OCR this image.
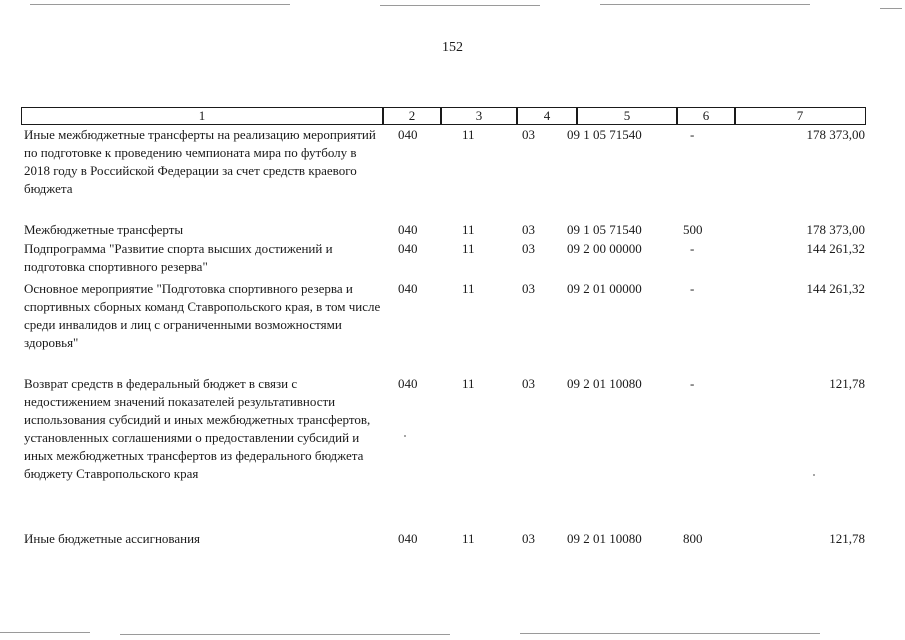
152
1	2	3	4	5	6	7
Иные межбюджетные трансферты на реализацию мероприятий по подготовке к проведению чемпионата мира по футболу в 2018 году в Российской Федерации за счет средств краевого бюджета
040	11	03 09 1 05 71540	-	178 373,00
Межбюджетные трансферты	040	11	03 09 1 05 71540	500	178 373,00
Подпрограмма "Развитие спорта высших достижений и подготовка спортивного резерва"
040	11	03 09 2 00 00000	-	144 261,32
Основное мероприятие "Подготовка спортивного резерва и спортивных сборных команд Ставропольского края, в том числе среди инвалидов и лиц с ограниченными возможностями здоровья"
040	11	03 09 2 01 00000	-	144 261,32
Возврат средств в федеральный бюджет в связи с недостижением значений показателей результативности использования субсидий и иных межбюджетных трансфертов, установленных соглашениями о предоставлении субсидий и иных межбюджетных трансфертов из федерального бюджета бюджету Ставропольского края
040	11	03 09 2 01 10080	-	121,78
Иные бюджетные ассигнования	040	11	03 09 2 01 10080	800	121,78
